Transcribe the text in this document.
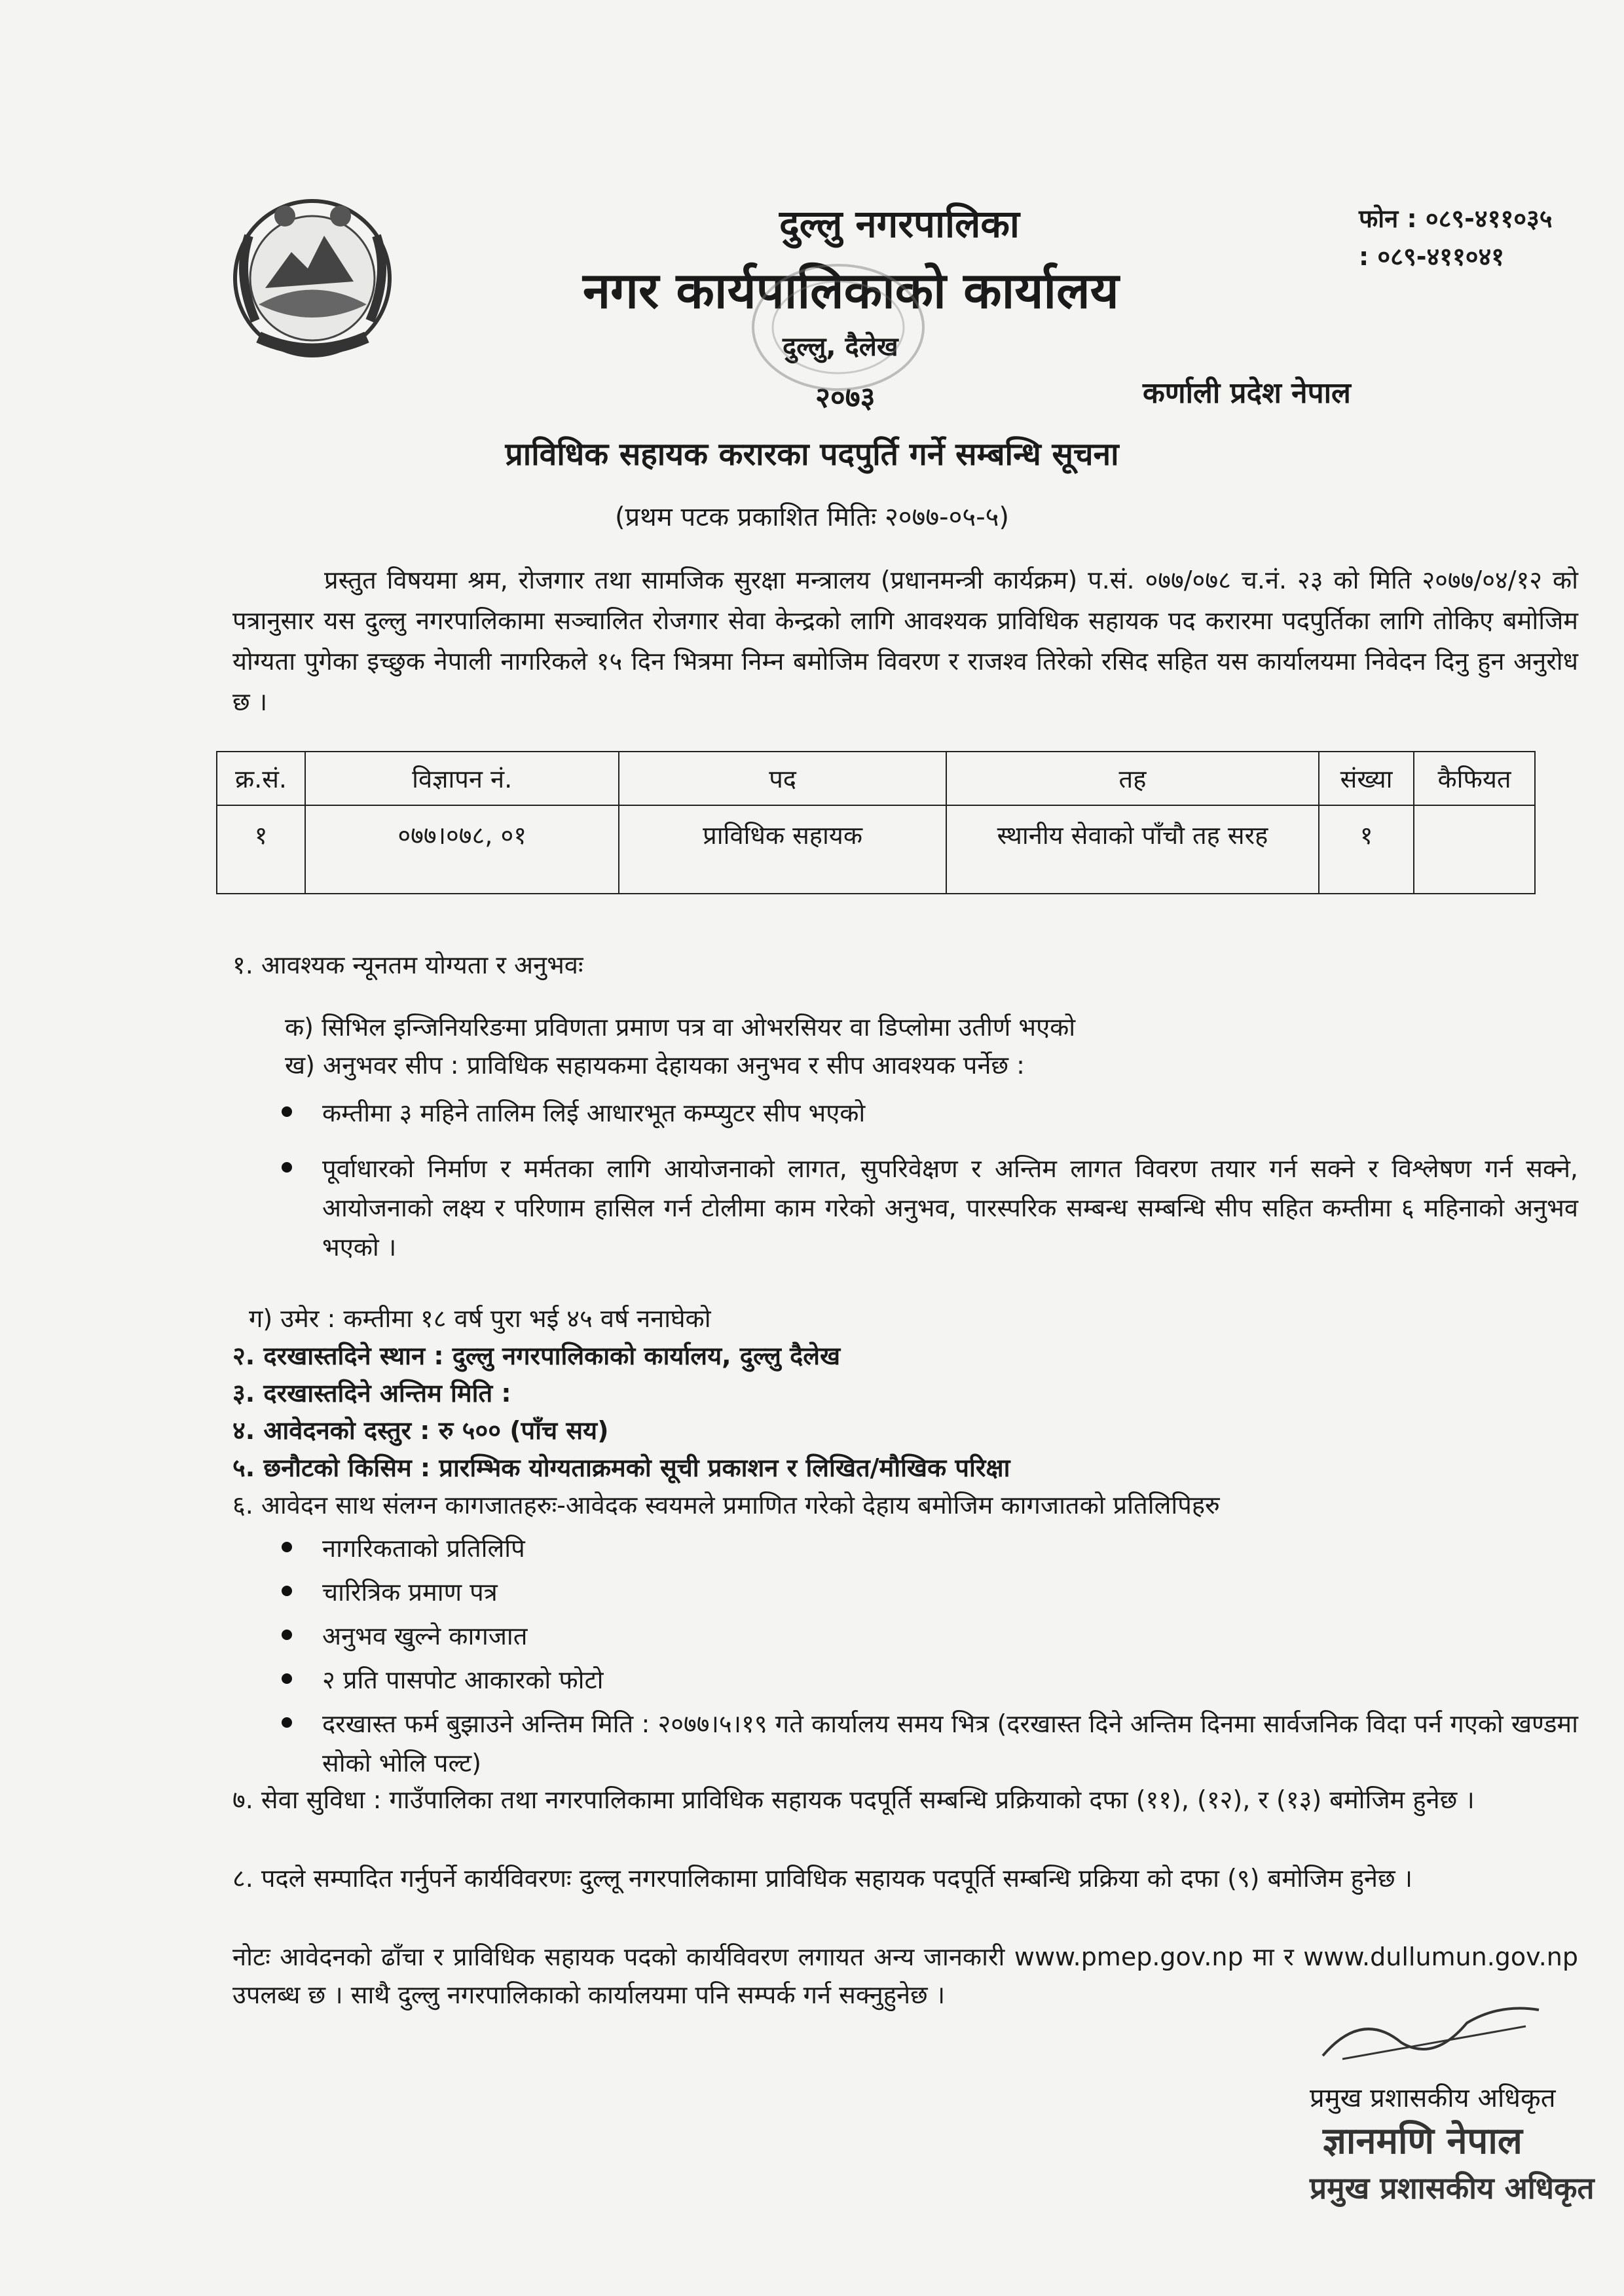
दुल्लु नगरपालिका
नगर कार्यपालिकाको कार्यालय
दुल्लु, दैलेख
२०७३
फोन : ०८९-४११०३५
: ०८९-४११०४१
कर्णाली प्रदेश नेपाल
प्राविधिक सहायक करारका पदपुर्ति गर्ने सम्बन्धि सूचना
(प्रथम पटक प्रकाशित मितिः २०७७-०५-५)
प्रस्तुत विषयमा श्रम, रोजगार तथा सामजिक सुरक्षा मन्त्रालय (प्रधानमन्त्री कार्यक्रम) प.सं. ०७७/०७८ च.नं. २३ को मिति २०७७/०४/१२ को पत्रानुसार यस दुल्लु नगरपालिकामा सञ्चालित रोजगार सेवा केन्द्रको लागि आवश्यक प्राविधिक सहायक पद करारमा पदपुर्तिका लागि तोकिए बमोजिम योग्यता पुगेका इच्छुक नेपाली नागरिकले १५ दिन भित्रमा निम्न बमोजिम विवरण र राजश्व तिरेको रसिद सहित यस कार्यालयमा निवेदन दिनु हुन अनुरोध छ ।
क्र.सं.	विज्ञापन नं.	पद	तह	संख्या	कैफियत
१	०७७।०७८, ०१	प्राविधिक सहायक	स्थानीय सेवाको पाँचौ तह सरह	१	
१. आवश्यक न्यूनतम योग्यता र अनुभवः
क) सिभिल इन्जिनियरिङमा प्रविणता प्रमाण पत्र वा ओभरसियर वा डिप्लोमा उतीर्ण भएको
ख) अनुभवर सीप : प्राविधिक सहायकमा देहायका अनुभव र सीप आवश्यक पर्नेछ :
कम्तीमा ३ महिने तालिम लिई आधारभूत कम्प्युटर सीप भएको
पूर्वाधारको निर्माण र मर्मतका लागि आयोजनाको लागत, सुपरिवेक्षण र अन्तिम लागत विवरण तयार गर्न सक्ने र विश्लेषण गर्न सक्ने, आयोजनाको लक्ष्य र परिणाम हासिल गर्न टोलीमा काम गरेको अनुभव, पारस्परिक सम्बन्ध सम्बन्धि सीप सहित कम्तीमा ६ महिनाको अनुभव भएको ।
ग) उमेर : कम्तीमा १८ वर्ष पुरा भई ४५ वर्ष ननाघेको
२. दरखास्तदिने स्थान : दुल्लु नगरपालिकाको कार्यालय, दुल्लु दैलेख
३. दरखास्तदिने अन्तिम मिति :
४. आवेदनको दस्तुर : रु ५०० (पाँच सय)
५. छनौटको किसिम : प्रारम्भिक योग्यताक्रमको सूची प्रकाशन र लिखित/मौखिक परिक्षा
६. आवेदन साथ संलग्न कागजातहरुः-आवेदक स्वयमले प्रमाणित गरेको देहाय बमोजिम कागजातको प्रतिलिपिहरु
नागरिकताको प्रतिलिपि
चारित्रिक प्रमाण पत्र
अनुभव खुल्ने कागजात
२ प्रति पासपोट आकारको फोटो
दरखास्त फर्म बुझाउने अन्तिम मिति : २०७७।५।१९ गते कार्यालय समय भित्र (दरखास्त दिने अन्तिम दिनमा सार्वजनिक विदा पर्न गएको खण्डमा सोको भोलि पल्ट)
७. सेवा सुविधा : गाउँपालिका तथा नगरपालिकामा प्राविधिक सहायक पदपूर्ति सम्बन्धि प्रक्रियाको दफा (११), (१२), र (१३) बमोजिम हुनेछ ।
८. पदले सम्पादित गर्नुपर्ने कार्यविवरणः दुल्लू नगरपालिकामा प्राविधिक सहायक पदपूर्ति सम्बन्धि प्रक्रिया को दफा (९) बमोजिम हुनेछ ।
नोटः आवेदनको ढाँचा र प्राविधिक सहायक पदको कार्यविवरण लगायत अन्य जानकारी www.pmep.gov.np मा र www.dullumun.gov.np उपलब्ध छ । साथै दुल्लु नगरपालिकाको कार्यालयमा पनि सम्पर्क गर्न सक्नुहुनेछ ।
प्रमुख प्रशासकीय अधिकृत
ज्ञानमणि नेपाल
प्रमुख प्रशासकीय अधिकृत
